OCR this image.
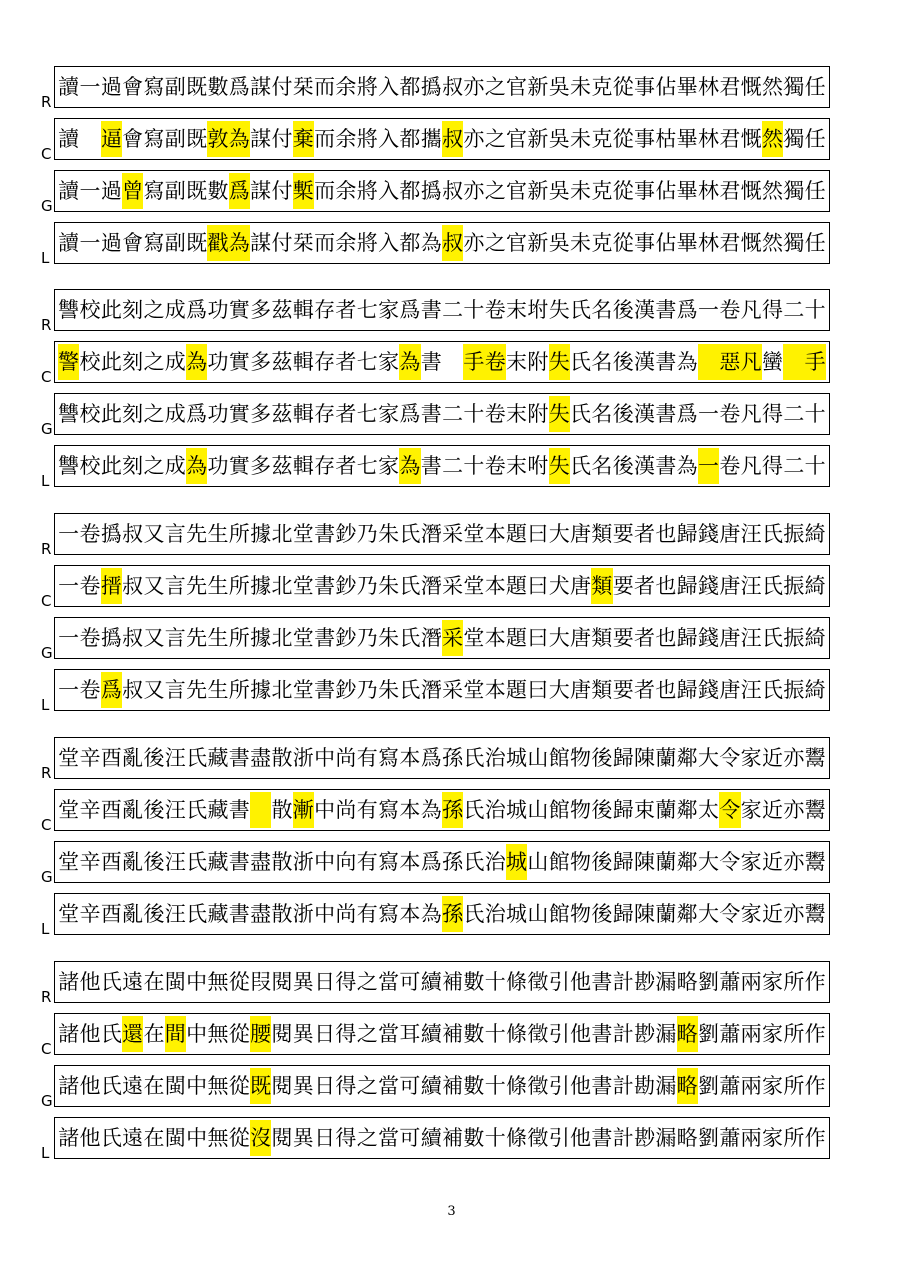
R
讀 一 過 會 寫 副 既 數 爲 謀 付 栞 而 余 將 入 都 撝 叔 亦 之 官 新 吳 未 克 從 事 佔 畢 林 君 慨 然 獨 任
C
讀
　 逼 會 寫 副 既 敦 為 謀 付 棄 而 余 將 入 都 攜 叔 亦 之 官 新 吳 未 克 從 事 枯 畢 林 君 慨 然 獨 任
G
讀 一 過 曾 寫 副 既 數 爲 謀 付 槧 而 余 將 入 都 撝 叔 亦 之 官 新 吳 未 克 從 事 佔 畢 林 君 慨 然 獨 任
L
讀 一 過 會 寫 副 既 戳 為 謀 付 栞 而 余 將 入 都 為 叔 亦 之 官 新 吳 未 克 從 事 佔 畢 林 君 慨 然 獨 任
R
讐 校 此 刻 之 成 爲 功 實 多 茲 輯 存 者 七 家 爲 書 二 十 卷 末 坿 失 氏 名 後 漢 書 爲 一 卷 凡 得 二 十
C
警 校 此 刻 之 成 為 功 實 多 茲 輯 存 者 七 家 為 書
　 手 卷 末 附 失 氏 名 後 漢 書 為
　 惡 凡 蠻
　 手
G
讐 校 此 刻 之 成 爲 功 實 多 茲 輯 存 者 七 家 爲 書 二 十 卷 末 附 失 氏 名 後 漢 書 爲 一 卷 凡 得 二 十
L
讐 校 此 刻 之 成 為 功 實 多 茲 輯 存 者 七 家 為 書 二 十 卷 末 咐 失 氏 名 後 漢 書 為 一 卷 凡 得 二 十
R
一 卷 撝 叔 又 言 先 生 所 據 北 堂 書 鈔 乃 朱 氏 潛 采 堂 本 題 曰 大 唐 類 要 者 也 歸 錢 唐 汪 氏 振 綺
C
一 卷 搢 叔 又 言 先 生 所 據 北 堂 書 鈔 乃 朱 氏 潛 采 堂 本 題 曰 犬 唐 類 要 者 也 歸 錢 唐 汪 氏 振 綺
G
一 卷 撝 叔 又 言 先 生 所 據 北 堂 書 鈔 乃 朱 氏 潛 采 堂 本 題 曰 大 唐 類 要 者 也 歸 錢 唐 汪 氏 振 綺
L
一 卷 爲 叔 又 言 先 生 所 據 北 堂 書 鈔 乃 朱 氏 潛 采 堂 本 題 曰 大 唐 類 要 者 也 歸 錢 唐 汪 氏 振 綺
R
堂 辛 酉 亂 後 汪 氏 藏 書 盡 散 浙 中 尚 有 寫 本 爲 孫 氏 治 城 山 館 物 後 歸 陳 蘭 鄰 大 令 家 近 亦 鬻
C
堂 辛 酉 亂 後 汪 氏 藏 書
　 散 漸 中 尚 有 寫 本 為 孫 氏 治 城 山 館 物 後 歸 束 蘭 鄰 太 令 家 近 亦 鬻
G
堂 辛 酉 亂 後 汪 氏 藏 書 盡 散 浙 中 向 有 寫 本 爲 孫 氏 治 城 山 館 物 後 歸 陳 蘭 鄰 大 令 家 近 亦 鬻
L
堂 辛 酉 亂 後 汪 氏 藏 書 盡 散 浙 中 尚 有 寫 本 為 孫 氏 治 城 山 館 物 後 歸 陳 蘭 鄰 大 令 家 近 亦 鬻
R
諸 他 氏 遠 在 閩 中 無 從 叚 閱 異 日 得 之 當 可 續 補 數 十 條 徵 引 他 書 計 尠 漏 略 劉 蕭 兩 家 所 作
C
諸 他 氏 還 在 間 中 無 從 腰 閱 異 日 得 之 當 耳 續 補 數 十 條 徵 引 他 書 計 尠 漏 略 劉 蕭 兩 家 所 作
G
諸 他 氏 遠 在 閩 中 無 從 既 閱 異 日 得 之 當 可 續 補 數 十 條 徵 引 他 書 計 勘 漏 略 劉 蕭 兩 家 所 作
L
諸 他 氏 遠 在 閩 中 無 從 沒 閱 異 日 得 之 當 可 續 補 數 十 條 徵 引 他 書 計 尠 漏 略 劉 蕭 兩 家 所 作
3
